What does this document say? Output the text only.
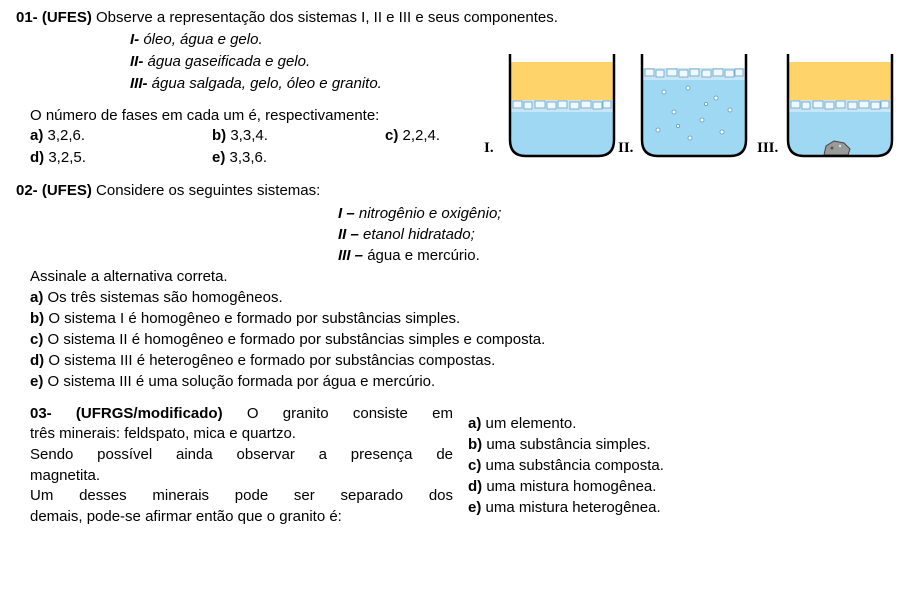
01- (UFES) Observe a representação dos sistemas I, II e III e seus componentes.
I- óleo, água e gelo.
II- água gaseificada e gelo.
III- água salgada, gelo, óleo e granito.
O número de fases em cada um é, respectivamente:
a) 3,2,6.	b) 3,3,4.	c) 2,2,4.
d) 3,2,5.	e) 3,3,6.
I.	II.	III.
02- (UFES) Considere os seguintes sistemas:
I – nitrogênio e oxigênio;
II – etanol hidratado;
III – água e mercúrio.
Assinale a alternativa correta.
a) Os três sistemas são homogêneos.
b) O sistema I é homogêneo e formado por substâncias simples.
c) O sistema II é homogêneo e formado por substâncias simples e composta.
d) O sistema III é heterogêneo e formado por substâncias compostas.
e) O sistema III é uma solução formada por água e mercúrio.
03- (UFRGS/modificado) O granito consiste em
três minerais: feldspato, mica e quartzo.
Sendo possível ainda observar a presença de
magnetita.
Um desses minerais pode ser separado dos
demais, pode-se afirmar então que o granito é:
a) um elemento.
b) uma substância simples.
c) uma substância composta.
d) uma mistura homogênea.
e) uma mistura heterogênea.
